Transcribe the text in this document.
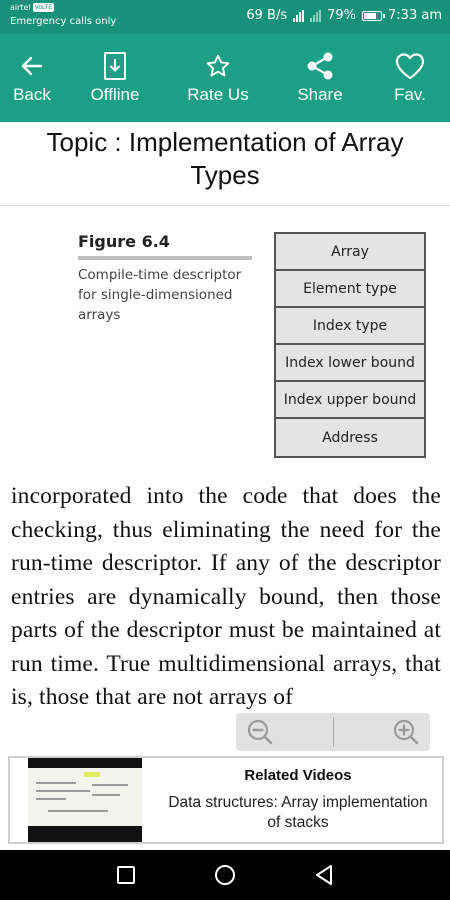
airtel VoLTE
Emergency calls only	69 B/s	79% 7:33 am
Back Offline	Rate Us	Share	Fav.
Topic : Implementation of Array Types
Figure 6.4
Compile-time descriptor for single-dimensioned arrays
Array
Element type
Index type
Index lower bound
Index upper bound
Address
incorporated into the code that does the checking, thus eliminating the need for the run-time descriptor. If any of the descriptor entries are dynamically bound, then those parts of the descriptor must be maintained at run time. True multidimensional arrays, that is, those that are not arrays of
Related Videos
Data structures: Array implementation of stacks
